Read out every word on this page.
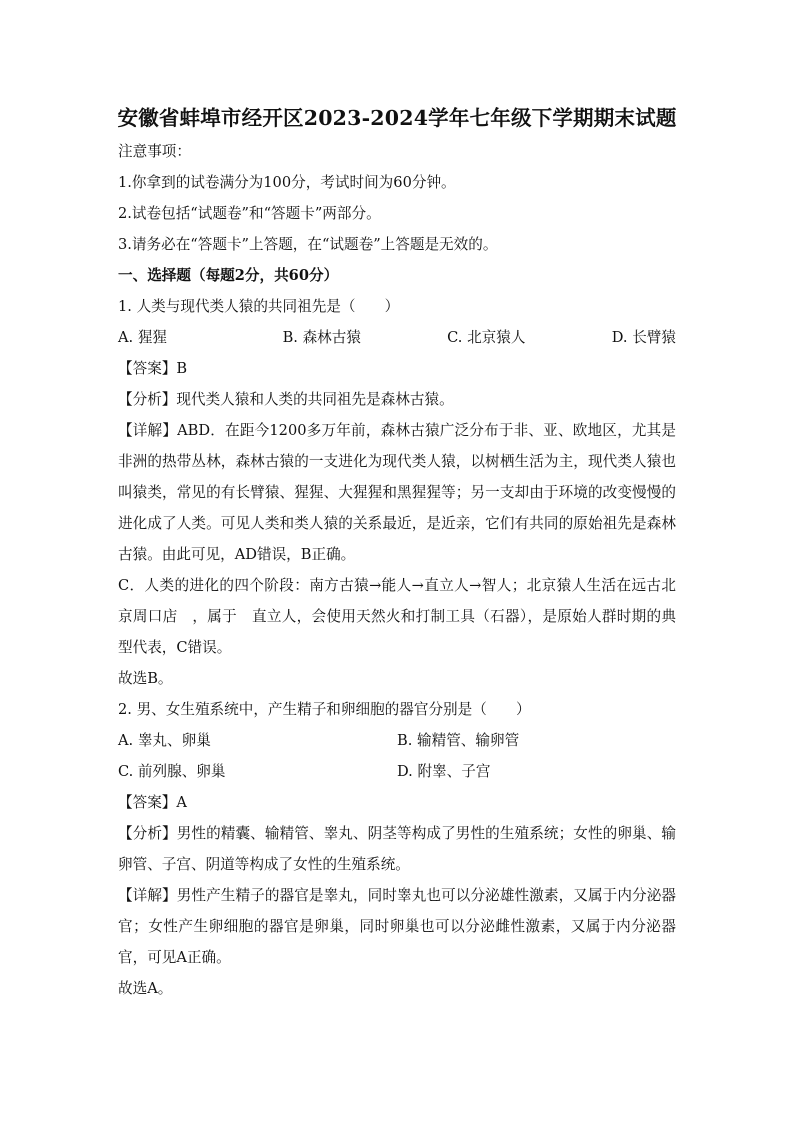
安徽省蚌埠市经开区2023-2024学年七年级下学期期末试题
注意事项：
1.你拿到的试卷满分为100分，考试时间为60分钟。
2.试卷包括“试题卷”和“答题卡”两部分。
3.请务必在“答题卡”上答题，在“试题卷”上答题是无效的。
一、选择题（每题2分，共60分）
1. 人类与现代类人猿的共同祖先是（　　）
A. 猩猩	B. 森林古猿	C. 北京猿人	D. 长臂猿
【答案】B
【分析】现代类人猿和人类的共同祖先是森林古猿。
【详解】ABD．在距今1200多万年前，森林古猿广泛分布于非、亚、欧地区，尤其是非洲的热带丛林，森林古猿的一支进化为现代类人猿，以树栖生活为主，现代类人猿也叫猿类，常见的有长臂猿、猩猩、大猩猩和黑猩猩等；另一支却由于环境的改变慢慢的进化成了人类。可见人类和类人猿的关系最近，是近亲，它们有共同的原始祖先是森林古猿。由此可见，AD错误，B正确。
C．人类的进化的四个阶段：南方古猿→能人→直立人→智人；北京猿人生活在远古北京周口店　，属于　直立人，会使用天然火和打制工具（石器），是原始人群时期的典型代表，C错误。
故选B。
2. 男、女生殖系统中，产生精子和卵细胞的器官分别是（　　）
A. 睾丸、卵巢	B. 输精管、输卵管
C. 前列腺、卵巢	D. 附睾、子宫
【答案】A
【分析】男性的精囊、输精管、睾丸、阴茎等构成了男性的生殖系统；女性的卵巢、输卵管、子宫、阴道等构成了女性的生殖系统。
【详解】男性产生精子的器官是睾丸，同时睾丸也可以分泌雄性激素，又属于内分泌器官；女性产生卵细胞的器官是卵巢，同时卵巢也可以分泌雌性激素，又属于内分泌器官，可见A正确。
故选A。
